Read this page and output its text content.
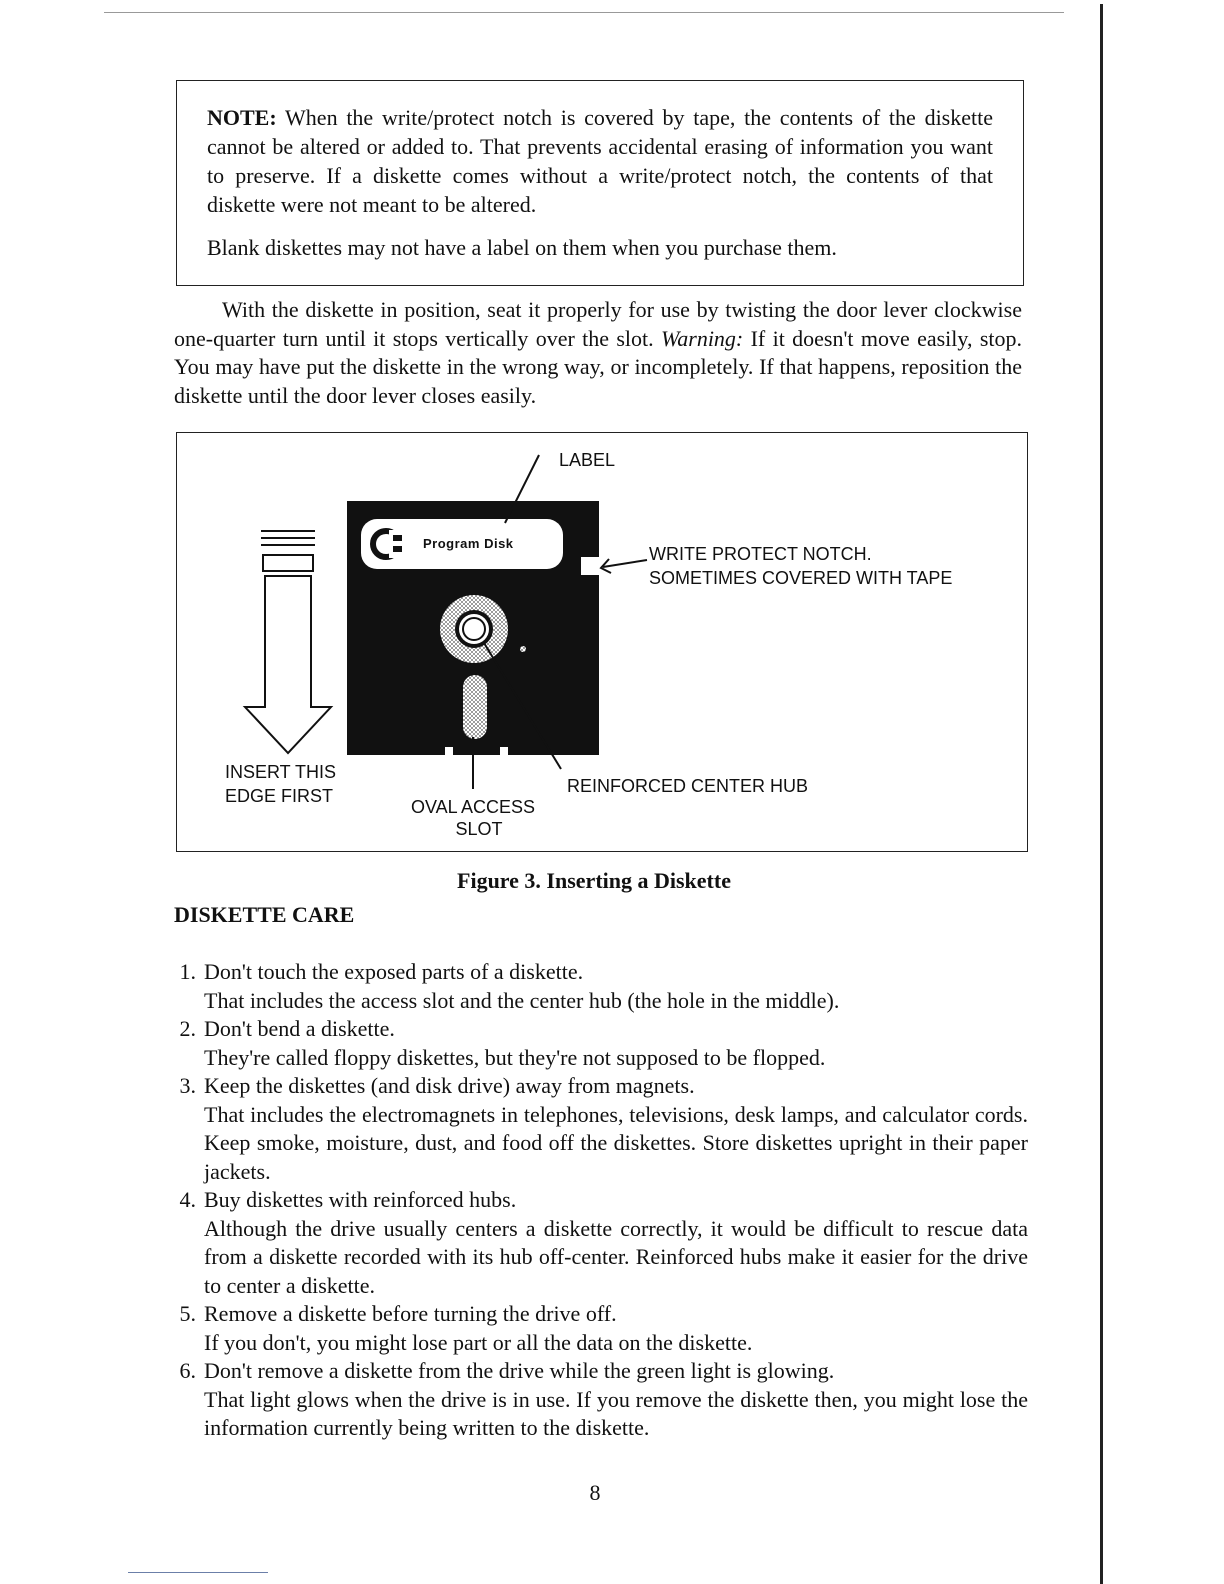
NOTE: When the write/protect notch is covered by tape, the contents of the diskette cannot be altered or added to. That prevents accidental erasing of information you want to preserve. If a diskette comes without a write/protect notch, the contents of that diskette were not meant to be altered.

Blank diskettes may not have a label on them when you purchase them.

With the diskette in position, seat it properly for use by twisting the door lever clockwise one-quarter turn until it stops vertically over the slot. Warning: If it doesn't move easily, stop. You may have put the diskette in the wrong way, or incompletely. If that happens, reposition the diskette until the door lever closes easily.

LABEL
Program Disk
WRITE PROTECT NOTCH.
SOMETIMES COVERED WITH TAPE
INSERT THIS
EDGE FIRST	REINFORCED CENTER HUB
OVAL ACCESS
SLOT
Figure 3. Inserting a Diskette
DISKETTE CARE
1. Don't touch the exposed parts of a diskette.
That includes the access slot and the center hub (the hole in the middle).
2. Don't bend a diskette.
They're called floppy diskettes, but they're not supposed to be flopped.
3. Keep the diskettes (and disk drive) away from magnets.
That includes the electromagnets in telephones, televisions, desk lamps, and calculator cords. Keep smoke, moisture, dust, and food off the diskettes. Store diskettes upright in their paper jackets.
4. Buy diskettes with reinforced hubs.
Although the drive usually centers a diskette correctly, it would be difficult to rescue data from a diskette recorded with its hub off-center. Reinforced hubs make it easier for the drive to center a diskette.
5. Remove a diskette before turning the drive off.
If you don't, you might lose part or all the data on the diskette.
6. Don't remove a diskette from the drive while the green light is glowing.
That light glows when the drive is in use. If you remove the diskette then, you might lose the information currently being written to the diskette.
8
